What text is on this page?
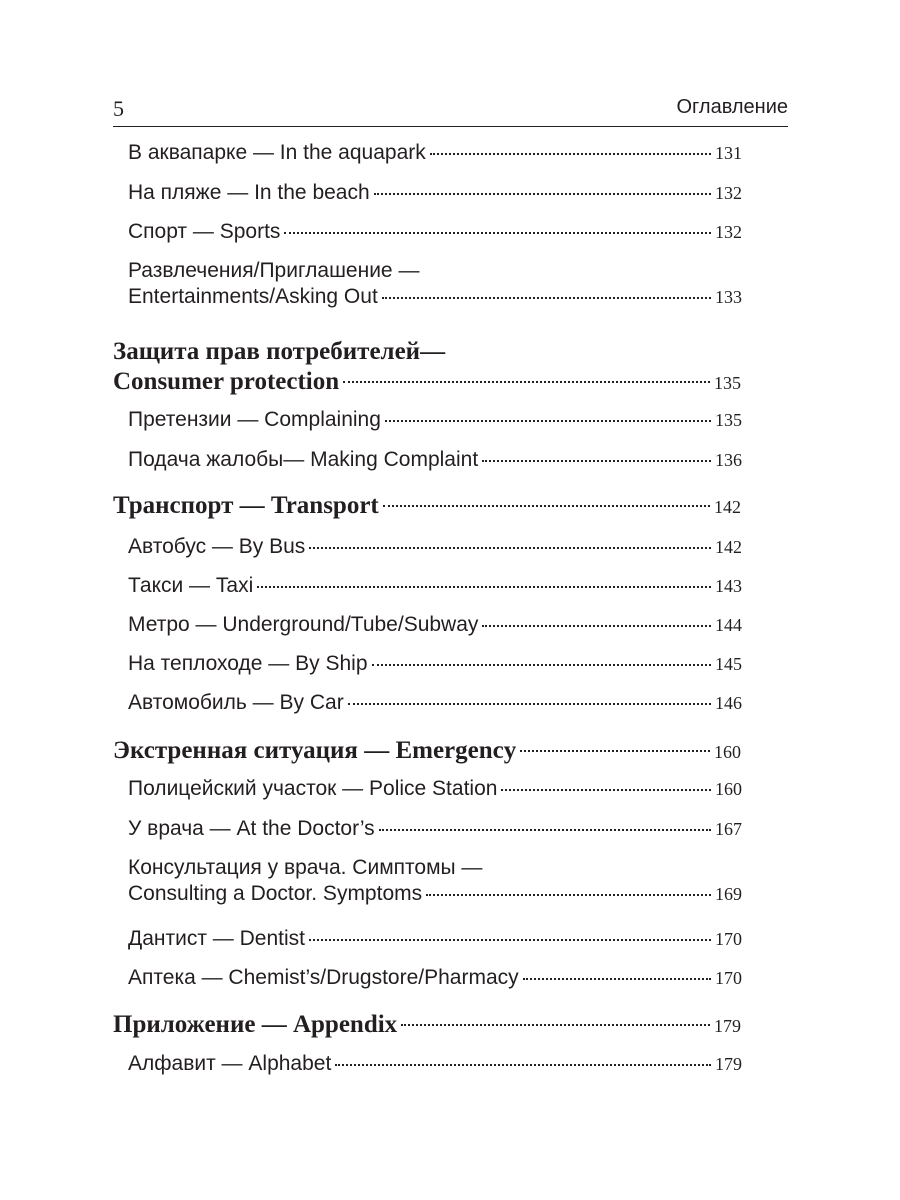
5	Оглавление
В аквапарке — In the aquapark	131
На пляже — In the beach	132
Спорт — Sports	132
Развлечения/Приглашение —
Entertainments/Asking Out	133
Защита прав потребителей—
Consumer protection	135
Претензии — Complaining	135
Подача жалобы— Making Complaint	136
Транспорт — Transport	142
Автобус — By Bus	142
Такси — Taxi	143
Метро — Underground/Tube/Subway	144
На теплоходе — By Ship	145
Автомобиль — By Car	146
Экстренная ситуация — Emergency	160
Полицейский участок — Police Station	160
У врача — At the Doctor’s	167
Консультация у врача. Симптомы —
Consulting a Doctor. Symptoms	169
Дантист — Dentist	170
Аптека — Chemist’s/Drugstore/Pharmacy	170
Приложение — Appendix	179
Алфавит — Alphabet	179
